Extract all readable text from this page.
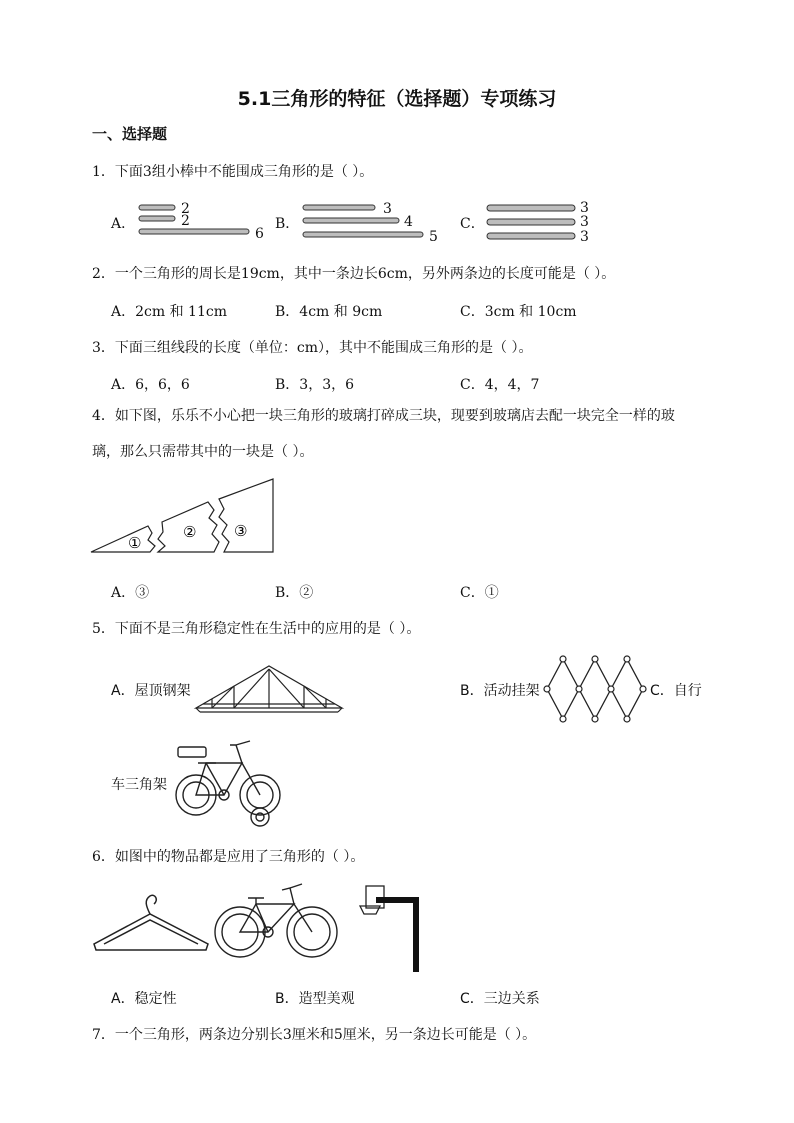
5.1三角形的特征（选择题）专项练习
一、选择题
1．下面3组小棒中不能围成三角形的是（ ）。
A．
2
2
6
B．
3
4
5
C．
3
3
3
2．一个三角形的周长是19cm，其中一条边长6cm，另外两条边的长度可能是（ ）。
A．2cm 和 11cm	B．4cm 和 9cm	C．3cm 和 10cm
3．下面三组线段的长度（单位：cm），其中不能围成三角形的是（ ）。
A．6，6，6	B．3，3，6	C．4，4，7
4．如下图，乐乐不小心把一块三角形的玻璃打碎成三块，现要到玻璃店去配一块完全一样的玻
璃，那么只需带其中的一块是（ ）。
①
②	③
A．③	B．②	C．①
5．下面不是三角形稳定性在生活中的应用的是（ ）。
A．屋顶钢架	B．活动挂架	C．自行
车三角架
6．如图中的物品都是应用了三角形的（ ）。
A．稳定性	B．造型美观	C．三边关系
7．一个三角形，两条边分别长3厘米和5厘米，另一条边长可能是（ ）。
